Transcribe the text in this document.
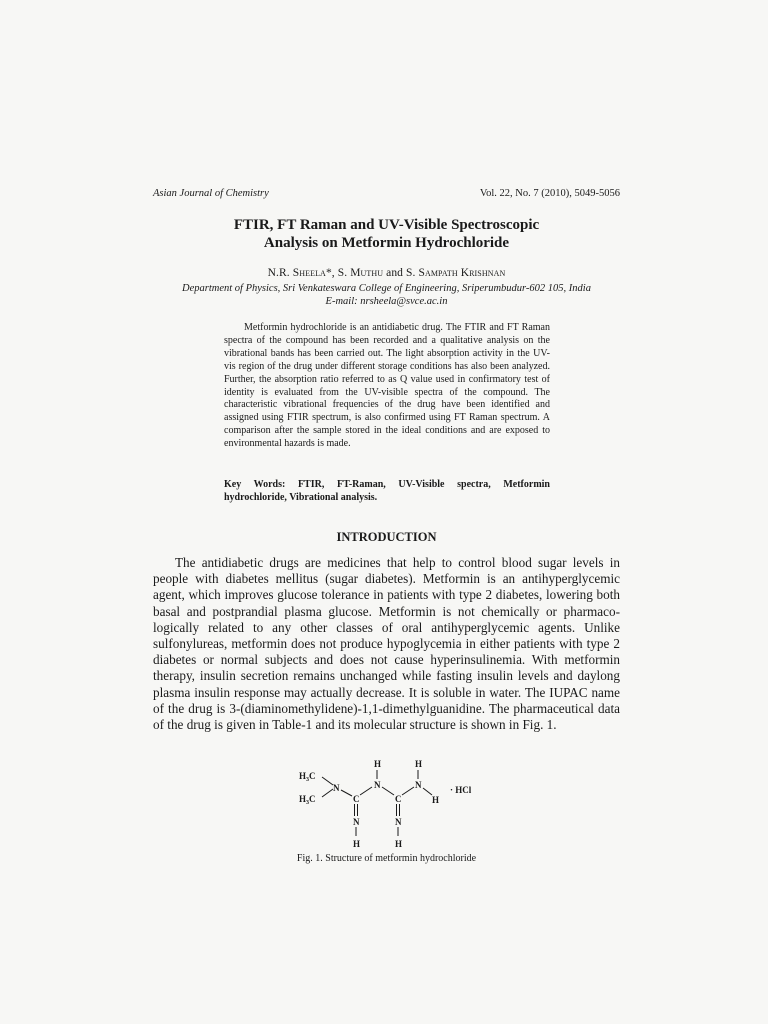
Asian Journal of Chemistry	Vol. 22, No. 7 (2010), 5049-5056
FTIR, FT Raman and UV-Visible Spectroscopic
Analysis on Metformin Hydrochloride
N.R. Sheela*, S. Muthu and S. Sampath Krishnan
Department of Physics, Sri Venkateswara College of Engineering, Sriperumbudur-602 105, India
E-mail: nrsheela@svce.ac.in
Metformin hydrochloride is an antidiabetic drug. The FTIR and FT Raman spectra of the compound has been recorded and a qualitative analysis on the vibrational bands has been carried out. The light absorption activity in the UV-vis region of the drug under different storage conditions has also been analyzed. Further, the absorption ratio referred to as Q value used in confirmatory test of identity is evaluated from the UV-visible spectra of the compound. The characteristic vibrational frequencies of the drug have been identified and assigned using FTIR spectrum, is also confirmed using FT Raman spectrum. A comparison after the sample stored in the ideal conditions and are exposed to environmental hazards is made.
Key Words: FTIR, FT-Raman, UV-Visible spectra, Metformin hydrochloride, Vibrational analysis.
INTRODUCTION
The antidiabetic drugs are medicines that help to control blood sugar levels in people with diabetes mellitus (sugar diabetes). Metformin is an antihyperglycemic agent, which improves glucose tolerance in patients with type 2 diabetes, lowering both basal and postprandial plasma glucose. Metformin is not chemically or pharmaco-logically related to any other classes of oral antihyperglycemic agents. Unlike sulfonylureas, metformin does not produce hypoglycemia in either patients with type 2 diabetes or normal subjects and does not cause hyperinsulinemia. With metformin therapy, insulin secretion remains unchanged while fasting insulin levels and daylong plasma insulin response may actually decrease. It is soluble in water. The IUPAC name of the drug is 3-(diaminomethylidene)-1,1-dimethylguanidine. The pharmaceutical data of the drug is given in Table-1 and its molecular structure is shown in Fig. 1.
$H_3C$
$H_3C$
N
C
H
N
C
H
N
H
· HCl
N
H
N
H
Fig. 1. Structure of metformin hydrochloride
